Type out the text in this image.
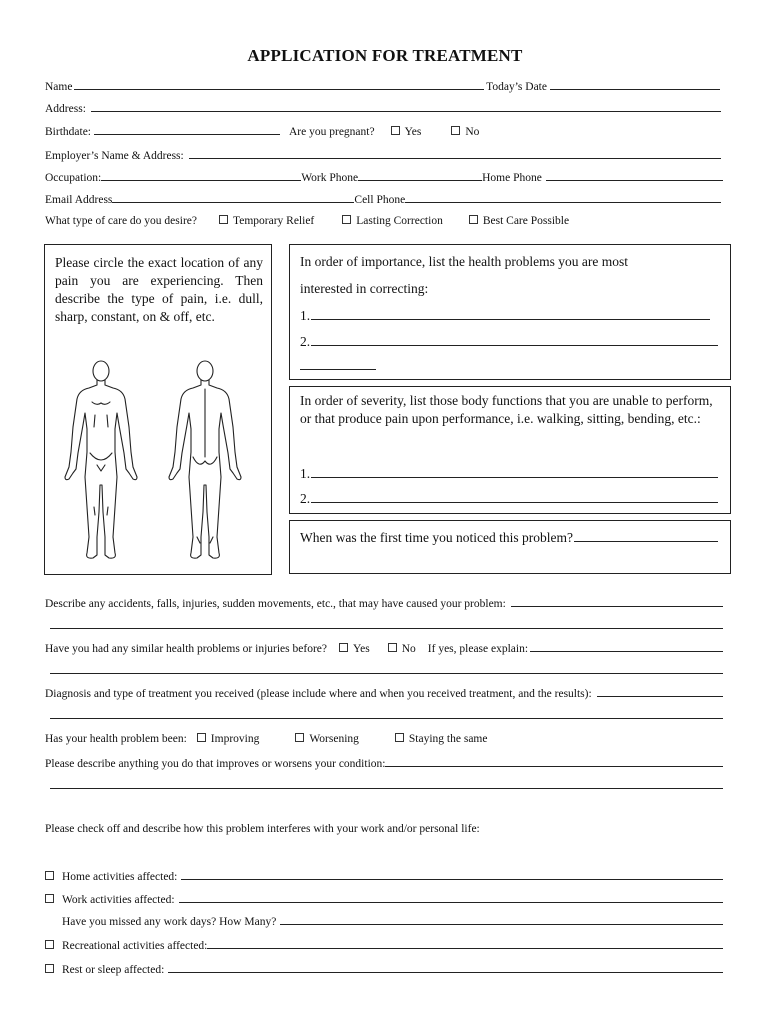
APPLICATION FOR TREATMENT
Name	Today’s Date
Address:
Birthdate:	Are you pregnant?	Yes	No
Employer’s Name & Address:
Occupation:	Work Phone	Home Phone
Email Address	Cell Phone
What type of care do you desire?	Temporary Relief	Lasting Correction	Best Care Possible
Please circle the exact location of any pain you are experiencing. Then describe the type of pain, i.e. dull, sharp, constant, on & off, etc.
In order of importance, list the health problems you are most
interested in correcting:
1.
2.
In order of severity, list those body functions that you are unable to perform, or that produce pain upon performance, i.e. walking, sitting, bending, etc.:
1.
2.
When was the first time you noticed this problem?
Describe any accidents, falls, injuries, sudden movements, etc., that may have caused your problem:
Have you had any similar health problems or injuries before? Yes	No If yes, please explain:
Diagnosis and type of treatment you received (please include where and when you received treatment, and the results):
Has your health problem been: Improving	Worsening	Staying the same
Please describe anything you do that improves or worsens your condition:
Please check off and describe how this problem interferes with your work and/or personal life:
Home activities affected:
Work activities affected:
Have you missed any work days? How Many?
Recreational activities affected:
Rest or sleep affected:
